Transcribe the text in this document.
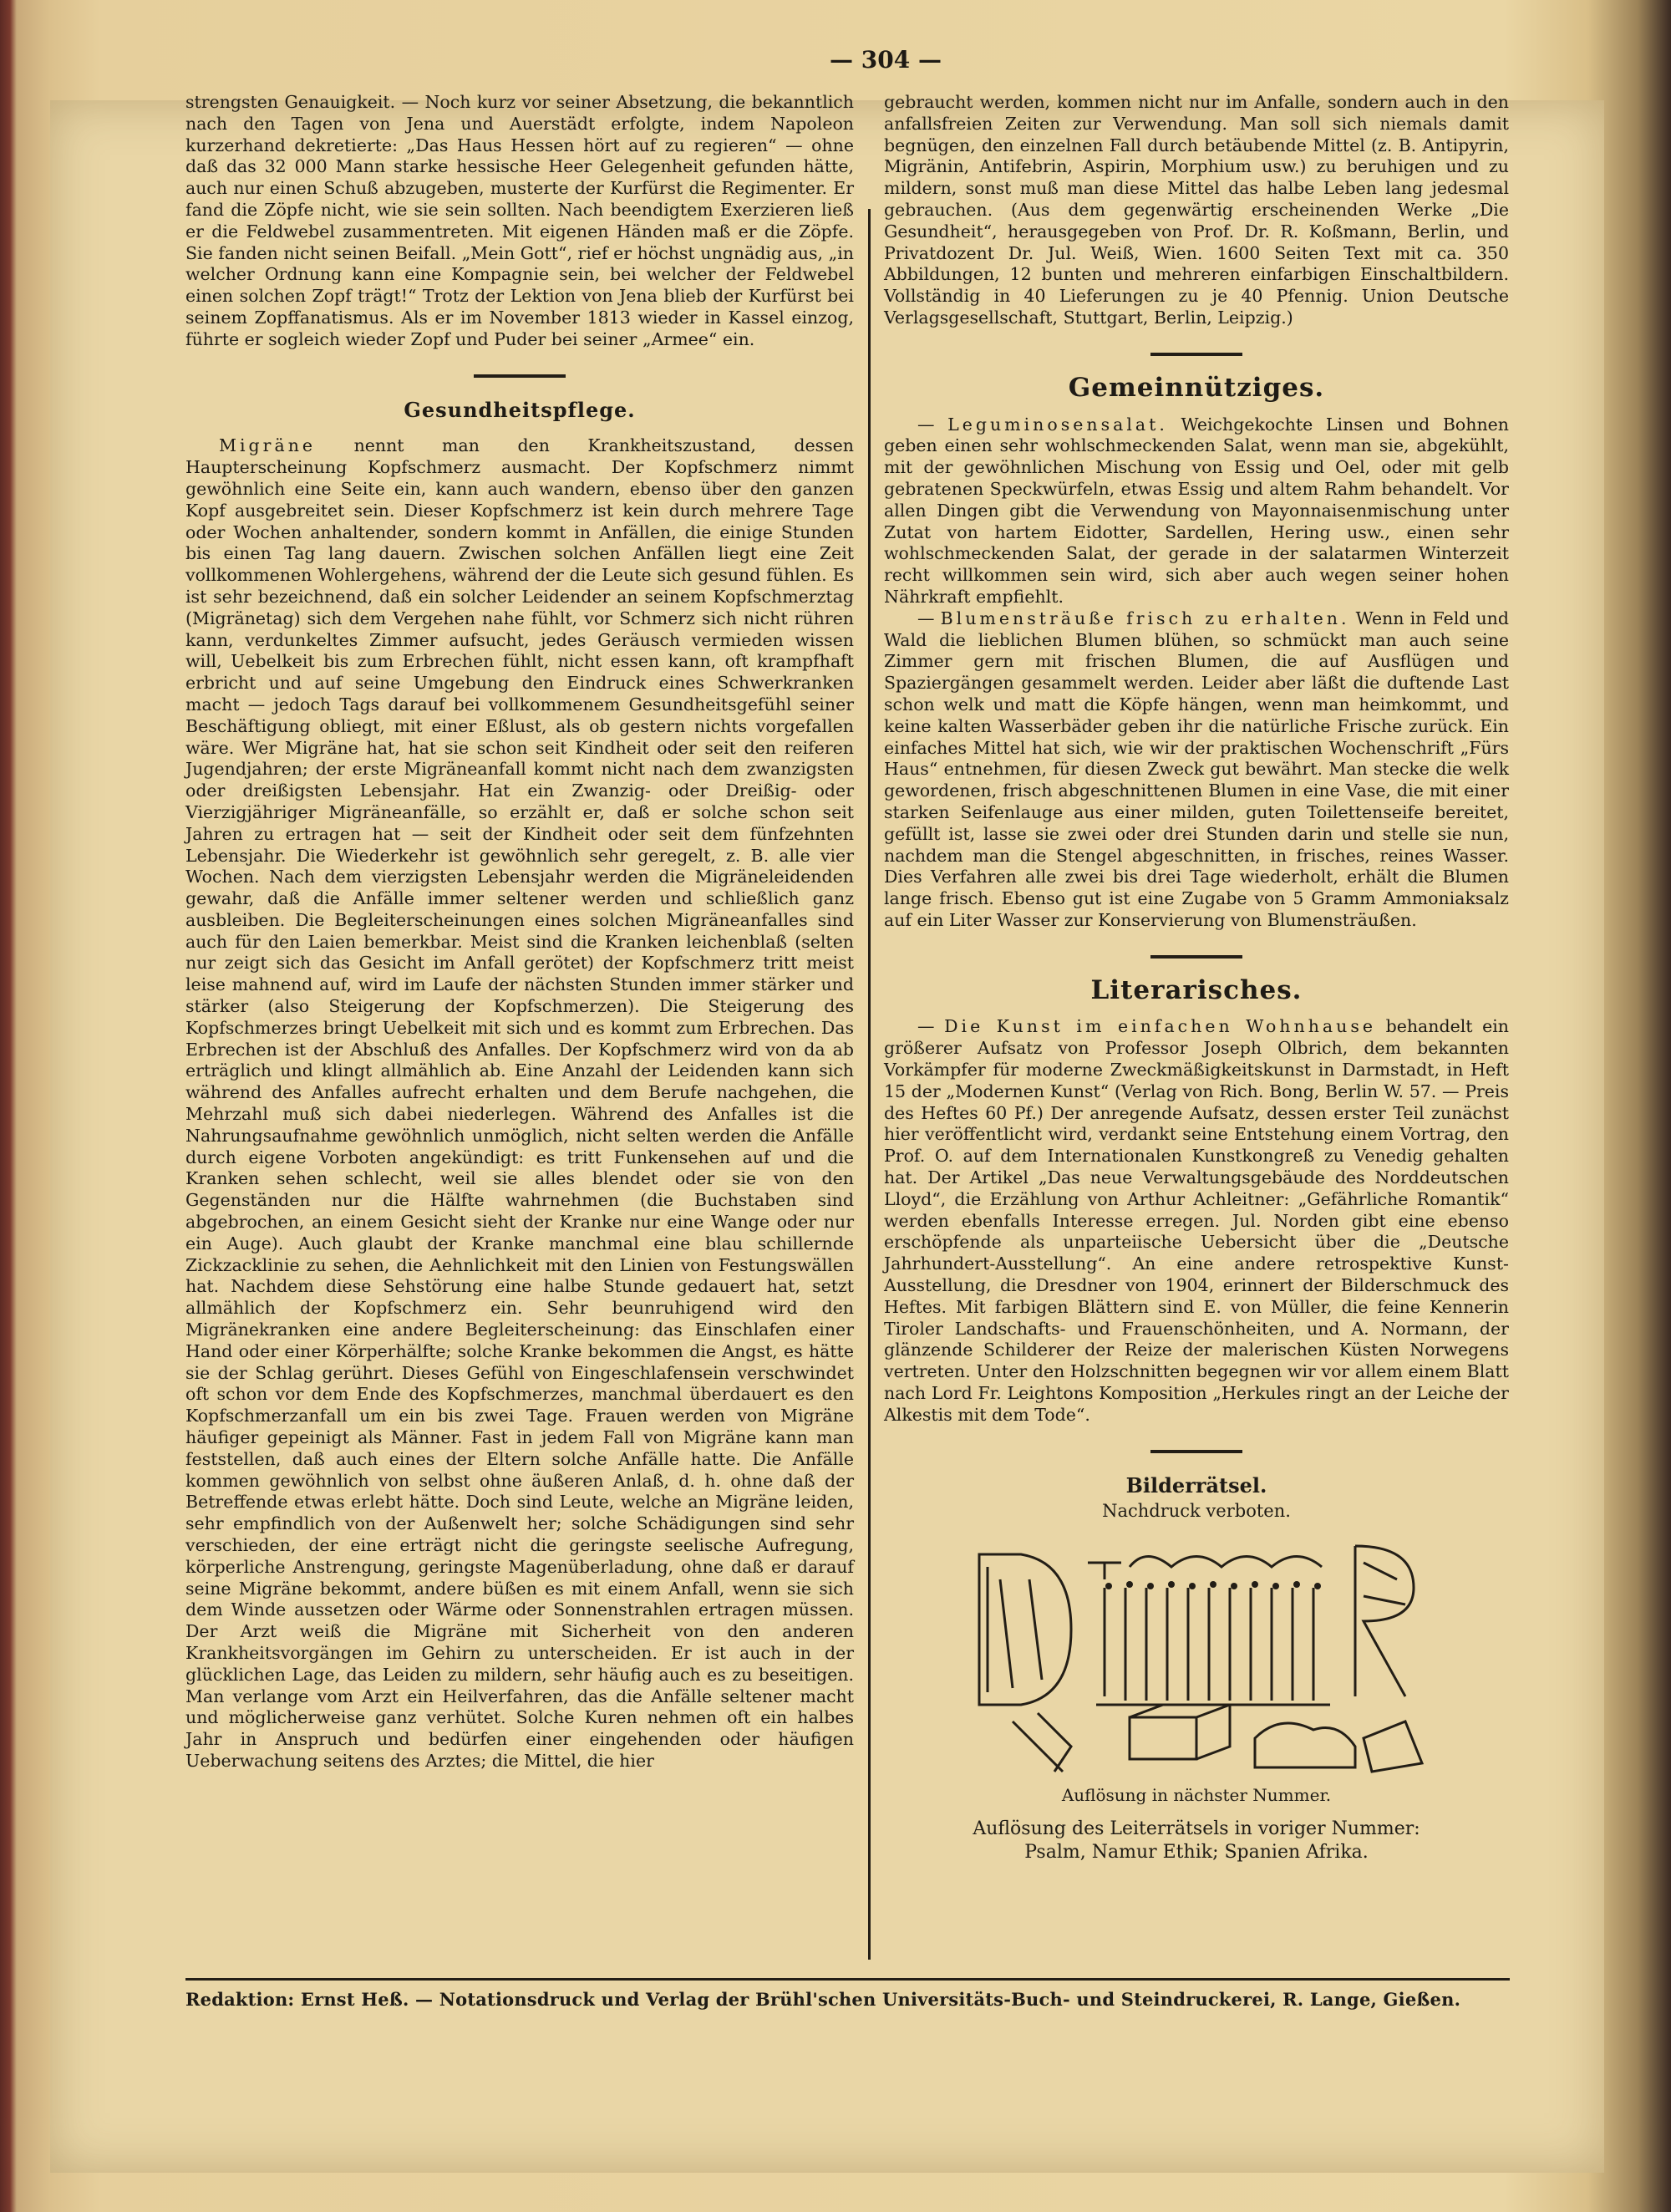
— 304 —

strengsten Genauigkeit. — Noch kurz vor seiner Absetzung, die bekanntlich nach den Tagen von Jena und Auerstädt erfolgte, indem Napoleon kurzerhand dekretierte: „Das Haus Hessen hört auf zu regieren“ — ohne daß das 32 000 Mann starke hessische Heer Gelegenheit gefunden hätte, auch nur einen Schuß abzugeben, musterte der Kurfürst die Regimenter. Er fand die Zöpfe nicht, wie sie sein sollten. Nach beendigtem Exerzieren ließ er die Feldwebel zusammentreten. Mit eigenen Händen maß er die Zöpfe. Sie fanden nicht seinen Beifall. „Mein Gott“, rief er höchst ungnädig aus, „in welcher Ordnung kann eine Kompagnie sein, bei welcher der Feldwebel einen solchen Zopf trägt!“ Trotz der Lektion von Jena blieb der Kurfürst bei seinem Zopffanatismus. Als er im November 1813 wieder in Kassel einzog, führte er sogleich wieder Zopf und Puder bei seiner „Armee“ ein.

Gesundheitspflege.

Migräne nennt man den Krankheitszustand, dessen Haupterscheinung Kopfschmerz ausmacht. Der Kopfschmerz nimmt gewöhnlich eine Seite ein, kann auch wandern, ebenso über den ganzen Kopf ausgebreitet sein. Dieser Kopfschmerz ist kein durch mehrere Tage oder Wochen anhaltender, sondern kommt in Anfällen, die einige Stunden bis einen Tag lang dauern. Zwischen solchen Anfällen liegt eine Zeit vollkommenen Wohlergehens, während der die Leute sich gesund fühlen. Es ist sehr bezeichnend, daß ein solcher Leidender an seinem Kopfschmerztag (Migränetag) sich dem Vergehen nahe fühlt, vor Schmerz sich nicht rühren kann, verdunkeltes Zimmer aufsucht, jedes Geräusch vermieden wissen will, Uebelkeit bis zum Erbrechen fühlt, nicht essen kann, oft krampfhaft erbricht und auf seine Umgebung den Eindruck eines Schwerkranken macht — jedoch Tags darauf bei vollkommenem Gesundheitsgefühl seiner Beschäftigung obliegt, mit einer Eßlust, als ob gestern nichts vorgefallen wäre. Wer Migräne hat, hat sie schon seit Kindheit oder seit den reiferen Jugendjahren; der erste Migräneanfall kommt nicht nach dem zwanzigsten oder dreißigsten Lebensjahr. Hat ein Zwanzig- oder Dreißig- oder Vierzigjähriger Migräneanfälle, so erzählt er, daß er solche schon seit Jahren zu ertragen hat — seit der Kindheit oder seit dem fünfzehnten Lebensjahr. Die Wiederkehr ist gewöhnlich sehr geregelt, z. B. alle vier Wochen. Nach dem vierzigsten Lebensjahr werden die Migräneleidenden gewahr, daß die Anfälle immer seltener werden und schließlich ganz ausbleiben. Die Begleiterscheinungen eines solchen Migräneanfalles sind auch für den Laien bemerkbar. Meist sind die Kranken leichenblaß (selten nur zeigt sich das Gesicht im Anfall gerötet) der Kopfschmerz tritt meist leise mahnend auf, wird im Laufe der nächsten Stunden immer stärker und stärker (also Steigerung der Kopfschmerzen). Die Steigerung des Kopfschmerzes bringt Uebelkeit mit sich und es kommt zum Erbrechen. Das Erbrechen ist der Abschluß des Anfalles. Der Kopfschmerz wird von da ab erträglich und klingt allmählich ab. Eine Anzahl der Leidenden kann sich während des Anfalles aufrecht erhalten und dem Berufe nachgehen, die Mehrzahl muß sich dabei niederlegen. Während des Anfalles ist die Nahrungsaufnahme gewöhnlich unmöglich, nicht selten werden die Anfälle durch eigene Vorboten angekündigt: es tritt Funkensehen auf und die Kranken sehen schlecht, weil sie alles blendet oder sie von den Gegenständen nur die Hälfte wahrnehmen (die Buchstaben sind abgebrochen, an einem Gesicht sieht der Kranke nur eine Wange oder nur ein Auge). Auch glaubt der Kranke manchmal eine blau schillernde Zickzacklinie zu sehen, die Aehnlichkeit mit den Linien von Festungswällen hat. Nachdem diese Sehstörung eine halbe Stunde gedauert hat, setzt allmählich der Kopfschmerz ein. Sehr beunruhigend wird den Migränekranken eine andere Begleiterscheinung: das Einschlafen einer Hand oder einer Körperhälfte; solche Kranke bekommen die Angst, es hätte sie der Schlag gerührt. Dieses Gefühl von Eingeschlafensein verschwindet oft schon vor dem Ende des Kopfschmerzes, manchmal überdauert es den Kopfschmerzanfall um ein bis zwei Tage. Frauen werden von Migräne häufiger gepeinigt als Männer. Fast in jedem Fall von Migräne kann man feststellen, daß auch eines der Eltern solche Anfälle hatte. Die Anfälle kommen gewöhnlich von selbst ohne äußeren Anlaß, d. h. ohne daß der Betreffende etwas erlebt hätte. Doch sind Leute, welche an Migräne leiden, sehr empfindlich von der Außenwelt her; solche Schädigungen sind sehr verschieden, der eine erträgt nicht die geringste seelische Aufregung, körperliche Anstrengung, geringste Magenüberladung, ohne daß er darauf seine Migräne bekommt, andere büßen es mit einem Anfall, wenn sie sich dem Winde aussetzen oder Wärme oder Sonnenstrahlen ertragen müssen. Der Arzt weiß die Migräne mit Sicherheit von den anderen Krankheitsvorgängen im Gehirn zu unterscheiden. Er ist auch in der glücklichen Lage, das Leiden zu mildern, sehr häufig auch es zu beseitigen. Man verlange vom Arzt ein Heilverfahren, das die Anfälle seltener macht und möglicherweise ganz verhütet. Solche Kuren nehmen oft ein halbes Jahr in Anspruch und bedürfen einer eingehenden oder häufigen Ueberwachung seitens des Arztes; die Mittel, die hier

gebraucht werden, kommen nicht nur im Anfalle, sondern auch in den anfallsfreien Zeiten zur Verwendung. Man soll sich niemals damit begnügen, den einzelnen Fall durch betäubende Mittel (z. B. Antipyrin, Migränin, Antifebrin, Aspirin, Morphium usw.) zu beruhigen und zu mildern, sonst muß man diese Mittel das halbe Leben lang jedesmal gebrauchen. (Aus dem gegenwärtig erscheinenden Werke „Die Gesundheit“, herausgegeben von Prof. Dr. R. Koßmann, Berlin, und Privatdozent Dr. Jul. Weiß, Wien. 1600 Seiten Text mit ca. 350 Abbildungen, 12 bunten und mehreren einfarbigen Einschaltbildern. Vollständig in 40 Lieferungen zu je 40 Pfennig. Union Deutsche Verlagsgesellschaft, Stuttgart, Berlin, Leipzig.)

Gemeinnütziges.

— Leguminosensalat. Weichgekochte Linsen und Bohnen geben einen sehr wohlschmeckenden Salat, wenn man sie, abgekühlt, mit der gewöhnlichen Mischung von Essig und Oel, oder mit gelb gebratenen Speckwürfeln, etwas Essig und altem Rahm behandelt. Vor allen Dingen gibt die Verwendung von Mayonnaisenmischung unter Zutat von hartem Eidotter, Sardellen, Hering usw., einen sehr wohlschmeckenden Salat, der gerade in der salatarmen Winterzeit recht willkommen sein wird, sich aber auch wegen seiner hohen Nährkraft empfiehlt.

— Blumensträuße frisch zu erhalten. Wenn in Feld und Wald die lieblichen Blumen blühen, so schmückt man auch seine Zimmer gern mit frischen Blumen, die auf Ausflügen und Spaziergängen gesammelt werden. Leider aber läßt die duftende Last schon welk und matt die Köpfe hängen, wenn man heimkommt, und keine kalten Wasserbäder geben ihr die natürliche Frische zurück. Ein einfaches Mittel hat sich, wie wir der praktischen Wochenschrift „Fürs Haus“ entnehmen, für diesen Zweck gut bewährt. Man stecke die welk gewordenen, frisch abgeschnittenen Blumen in eine Vase, die mit einer starken Seifenlauge aus einer milden, guten Toilettenseife bereitet, gefüllt ist, lasse sie zwei oder drei Stunden darin und stelle sie nun, nachdem man die Stengel abgeschnitten, in frisches, reines Wasser. Dies Verfahren alle zwei bis drei Tage wiederholt, erhält die Blumen lange frisch. Ebenso gut ist eine Zugabe von 5 Gramm Ammoniaksalz auf ein Liter Wasser zur Konservierung von Blumensträußen.

Literarisches.

— Die Kunst im einfachen Wohnhause behandelt ein größerer Aufsatz von Professor Joseph Olbrich, dem bekannten Vorkämpfer für moderne Zweckmäßigkeitskunst in Darmstadt, in Heft 15 der „Modernen Kunst“ (Verlag von Rich. Bong, Berlin W. 57. — Preis des Heftes 60 Pf.) Der anregende Aufsatz, dessen erster Teil zunächst hier veröffentlicht wird, verdankt seine Entstehung einem Vortrag, den Prof. O. auf dem Internationalen Kunstkongreß zu Venedig gehalten hat. Der Artikel „Das neue Verwaltungsgebäude des Norddeutschen Lloyd“, die Erzählung von Arthur Achleitner: „Gefährliche Romantik“ werden ebenfalls Interesse erregen. Jul. Norden gibt eine ebenso erschöpfende als unparteiische Uebersicht über die „Deutsche Jahrhundert-Ausstellung“. An eine andere retrospektive Kunst-Ausstellung, die Dresdner von 1904, erinnert der Bilderschmuck des Heftes. Mit farbigen Blättern sind E. von Müller, die feine Kennerin Tiroler Landschafts- und Frauenschönheiten, und A. Normann, der glänzende Schilderer der Reize der malerischen Küsten Norwegens vertreten. Unter den Holzschnitten begegnen wir vor allem einem Blatt nach Lord Fr. Leightons Komposition „Herkules ringt an der Leiche der Alkestis mit dem Tode“.

Bilderrätsel.
Nachdruck verboten.
Auflösung in nächster Nummer.
Auflösung des Leiterrätsels in voriger Nummer:
Psalm, Namur Ethik; Spanien Afrika.
Redaktion: Ernst Heß. — Notationsdruck und Verlag der Brühl'schen Universitäts-Buch- und Steindruckerei, R. Lange, Gießen.
